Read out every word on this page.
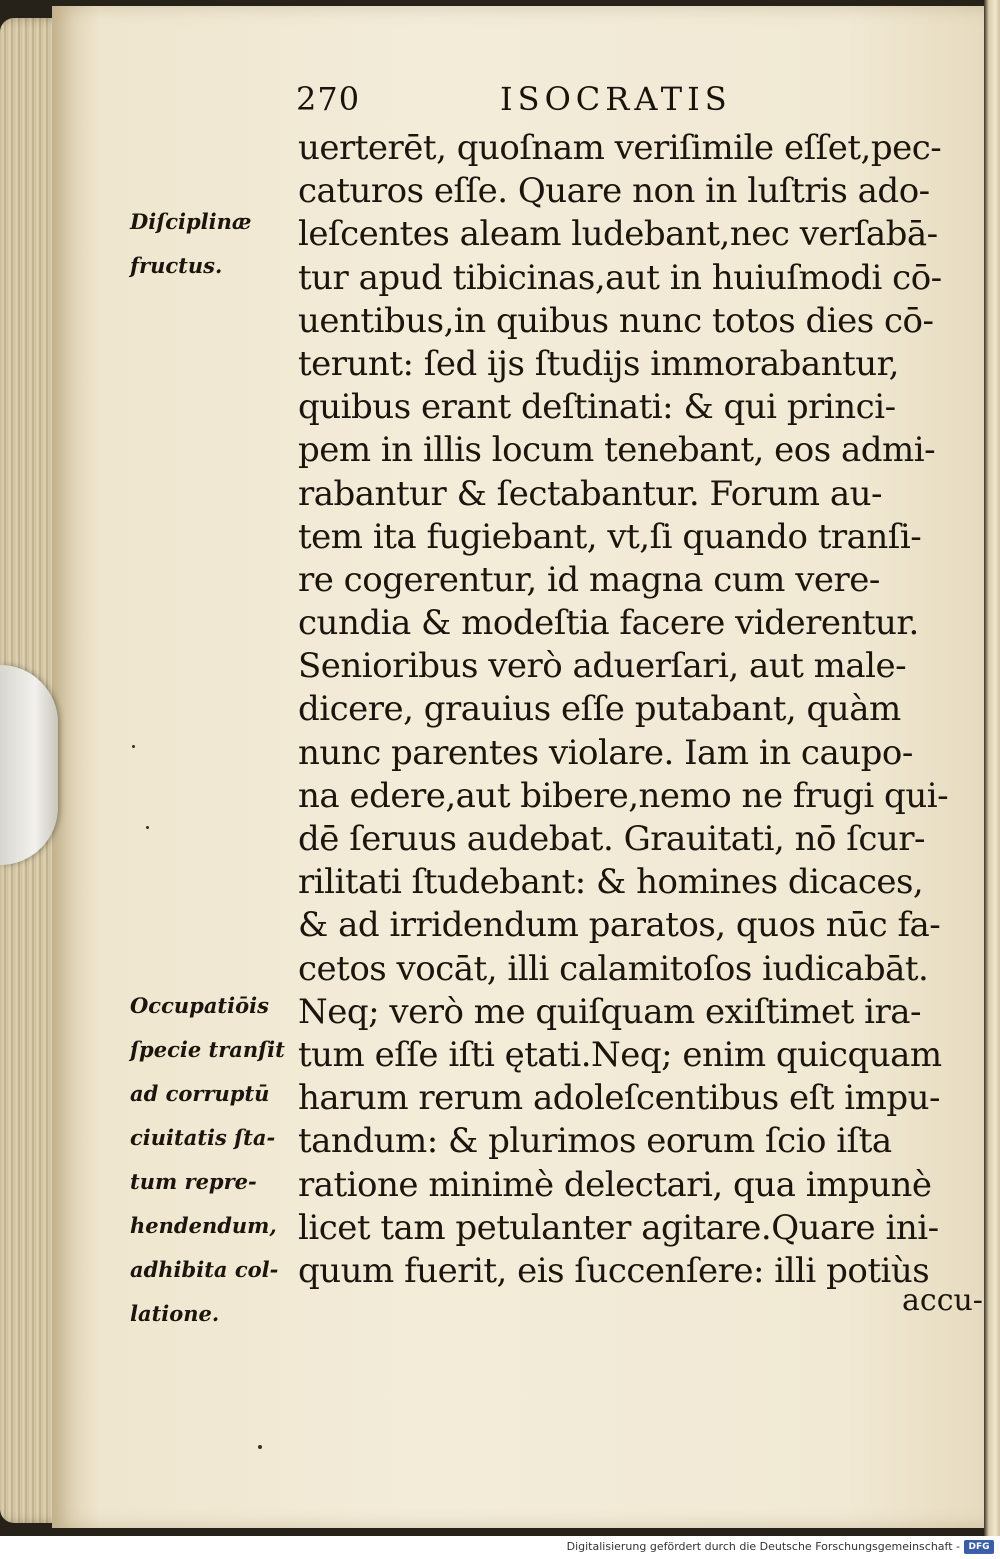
270	ISOCRATIS
Diſciplinæ
fructus.
Occupatiōis
ſpecie tranſit
ad corruptū
ciuitatis ſta-
tum repre-
hendendum,
adhibita col-
latione.
uerterēt, quoſnam veriſimile eſſet,pec-
caturos eſſe. Quare non in luſtris ado-
leſcentes aleam ludebant,nec verſabā-
tur apud tibicinas,aut in huiuſmodi cō-
uentibus,in quibus nunc totos dies cō-
terunt: ſed ijs ſtudijs immorabantur,
quibus erant deſtinati: & qui princi-
pem in illis locum tenebant, eos admi-
rabantur & ſectabantur. Forum au-
tem ita fugiebant, vt,ſi quando tranſi-
re cogerentur, id magna cum vere-
cundia & modeſtia facere viderentur.
Senioribus verò aduerſari, aut male-
dicere, grauius eſſe putabant, quàm
nunc parentes violare. Iam in caupo-
na edere,aut bibere,nemo ne frugi qui-
dē ſeruus audebat. Grauitati, nō ſcur-
rilitati ſtudebant: & homines dicaces,
& ad irridendum paratos, quos nūc fa-
cetos vocāt, illi calamitoſos iudicabāt.
Neq; verò me quiſquam exiſtimet ira-
tum eſſe iſti ętati.Neq; enim quicquam
harum rerum adoleſcentibus eſt impu-
tandum: & plurimos eorum ſcio iſta
ratione minimè delectari, qua impunè
licet tam petulanter agitare.Quare ini-
quum fuerit, eis ſuccenſere: illi potiùs
accu-
Digitalisierung gefördert durch die Deutsche Forschungsgemeinschaft - DFG
